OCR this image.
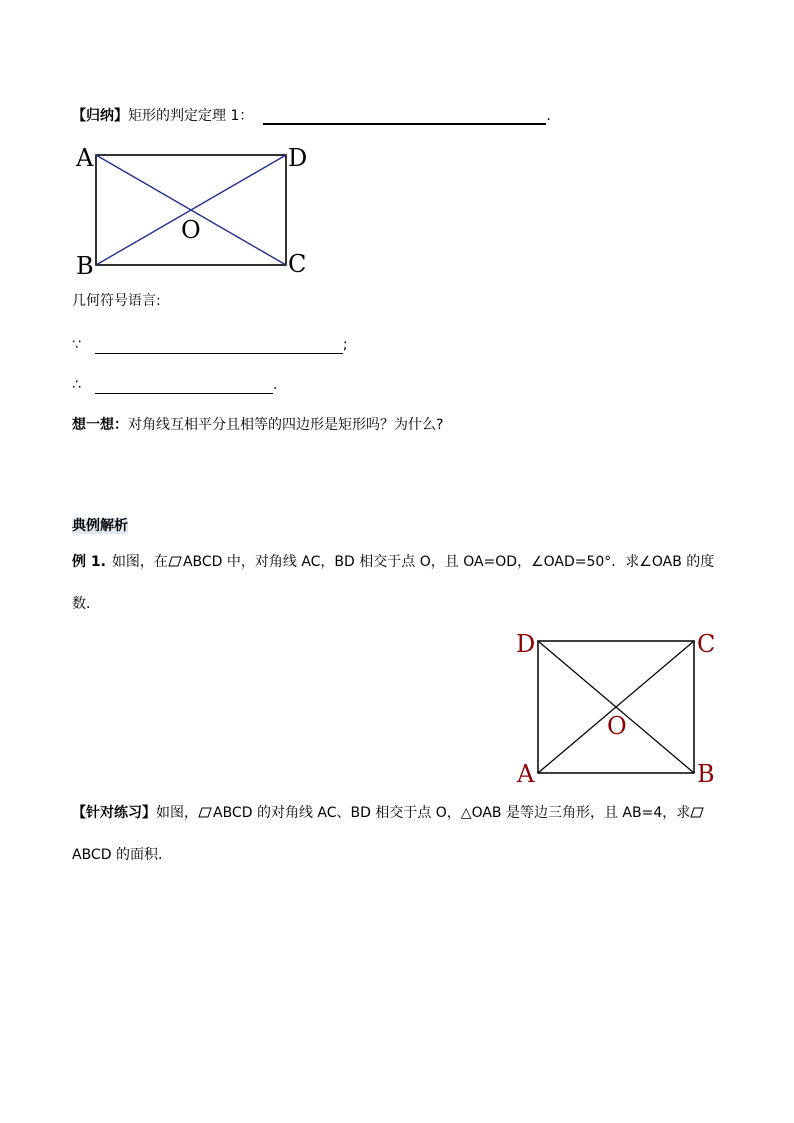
【归纳】矩形的判定定理 1：	.
A	D
B	C
O
几何符号语言:
∵	;
∴	.
想一想：对角线互相平分且相等的四边形是矩形吗？为什么?
典例解析
例 1. 如图，在 ABCD 中，对角线 AC，BD 相交于点 O，且 OA=OD，∠OAD=50°．求∠OAB 的度
数．
D	C
A	B
O
【针对练习】如图， ABCD 的对角线 AC、BD 相交于点 O，△OAB 是等边三角形，且 AB=4，求
ABCD 的面积.
